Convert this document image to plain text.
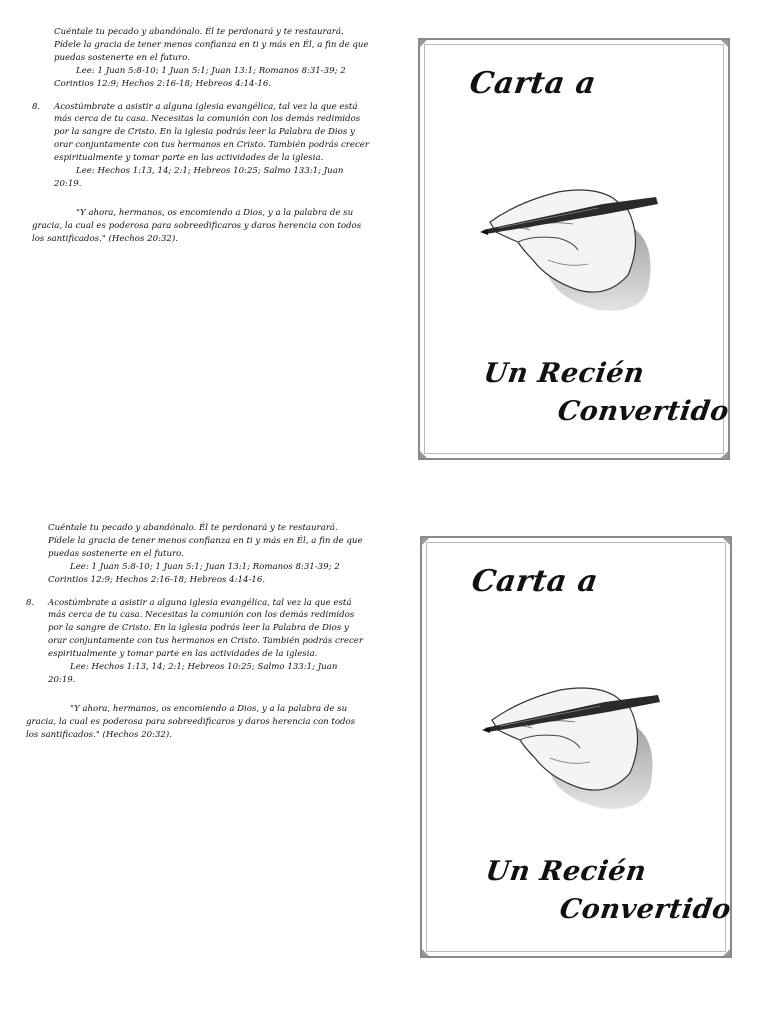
Cuéntale tu pecado y abandónalo. Él te perdonará y te restaurará. Pídele la gracia de tener menos confianza en ti y más en Él, a fin de que puedas sostenerte en el futuro.

Lee: 1 Juan 5:8-10; 1 Juan 5:1; Juan 13:1; Romanos 8:31-39; 2 Corintios 12:9; Hechos 2:16-18; Hebreos 4:14-16.

8. Acostúmbrate a asistir a alguna iglesia evangélica, tal vez la que está más cerca de tu casa. Necesitas la comunión con los demás redimidos por la sangre de Cristo. En la iglesia podrás leer la Palabra de Dios y orar conjuntamente con tus hermanos en Cristo. También podrás crecer espiritualmente y tomar parte en las actividades de la iglesia.

Lee: Hechos 1:13, 14; 2:1; Hebreos 10:25; Salmo 133:1; Juan 20:19.

"Y ahora, hermanos, os encomiendo a Dios, y a la palabra de su gracia, la cual es poderosa para sobreedificaros y daros herencia con todos los santificados." (Hechos 20:32).

Carta a
Un Recién
Convertido

Cuéntale tu pecado y abandónalo. Él te perdonará y te restaurará. Pídele la gracia de tener menos confianza en ti y más en Él, a fin de que puedas sostenerte en el futuro.

Lee: 1 Juan 5:8-10; 1 Juan 5:1; Juan 13:1; Romanos 8:31-39; 2 Corintios 12:9; Hechos 2:16-18; Hebreos 4:14-16.

8. Acostúmbrate a asistir a alguna iglesia evangélica, tal vez la que está más cerca de tu casa. Necesitas la comunión con los demás redimidos por la sangre de Cristo. En la iglesia podrás leer la Palabra de Dios y orar conjuntamente con tus hermanos en Cristo. También podrás crecer espiritualmente y tomar parte en las actividades de la iglesia.

Lee: Hechos 1:13, 14; 2:1; Hebreos 10:25; Salmo 133:1; Juan 20:19.

"Y ahora, hermanos, os encomiendo a Dios, y a la palabra de su gracia, la cual es poderosa para sobreedificaros y daros herencia con todos los santificados." (Hechos 20:32).

Carta a
Un Recién
Convertido
